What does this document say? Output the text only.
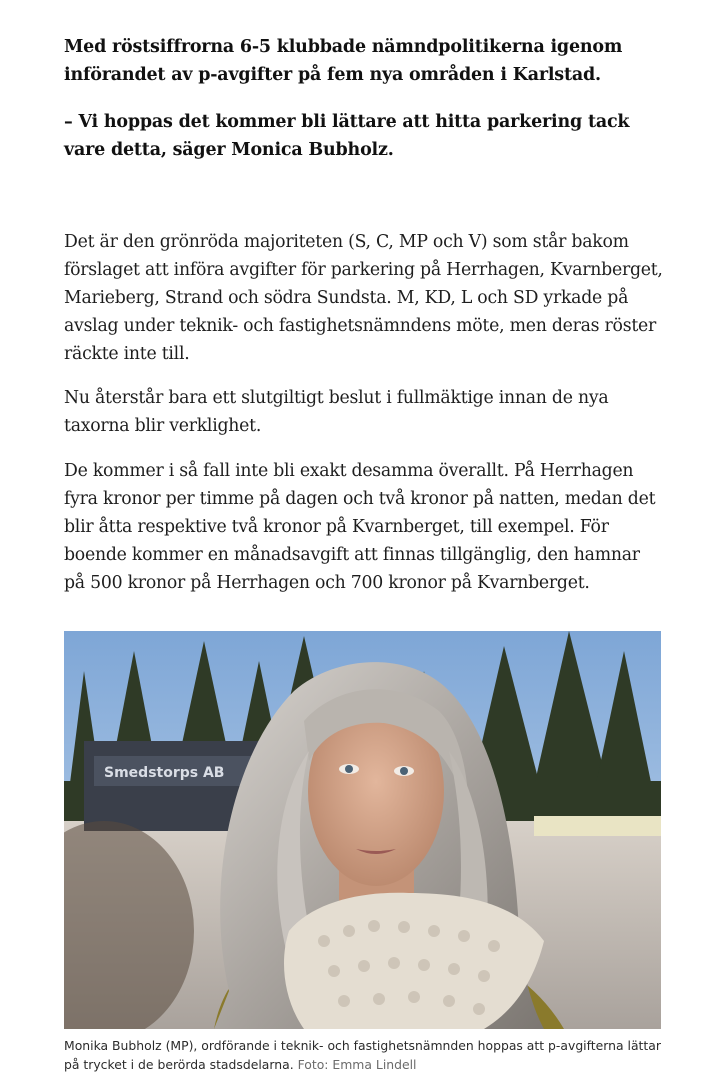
Med röstsiffrorna 6-5 klubbade nämndpolitikerna igenom införandet av p-avgifter på fem nya områden i Karlstad.

– Vi hoppas det kommer bli lättare att hitta parkering tack vare detta, säger Monica Bubholz.

Det är den grönröda majoriteten (S, C, MP och V) som står bakom förslaget att införa avgifter för parkering på Herrhagen, Kvarnberget, Marieberg, Strand och södra Sundsta. M, KD, L och SD yrkade på avslag under teknik- och fastighetsnämndens möte, men deras röster räckte inte till.

Nu återstår bara ett slutgiltigt beslut i fullmäktige innan de nya taxorna blir verklighet.

De kommer i så fall inte bli exakt desamma överallt. På Herrhagen fyra kronor per timme på dagen och två kronor på natten, medan det blir åtta respektive två kronor på Kvarnberget, till exempel. För boende kommer en månadsavgift att finnas tillgänglig, den hamnar på 500 kronor på Herrhagen och 700 kronor på Kvarnberget.

Smedstorps AB

Monika Bubholz (MP), ordförande i teknik- och fastighetsnämnden hoppas att p-avgifterna lättar på trycket i de berörda stadsdelarna. Foto: Emma Lindell
